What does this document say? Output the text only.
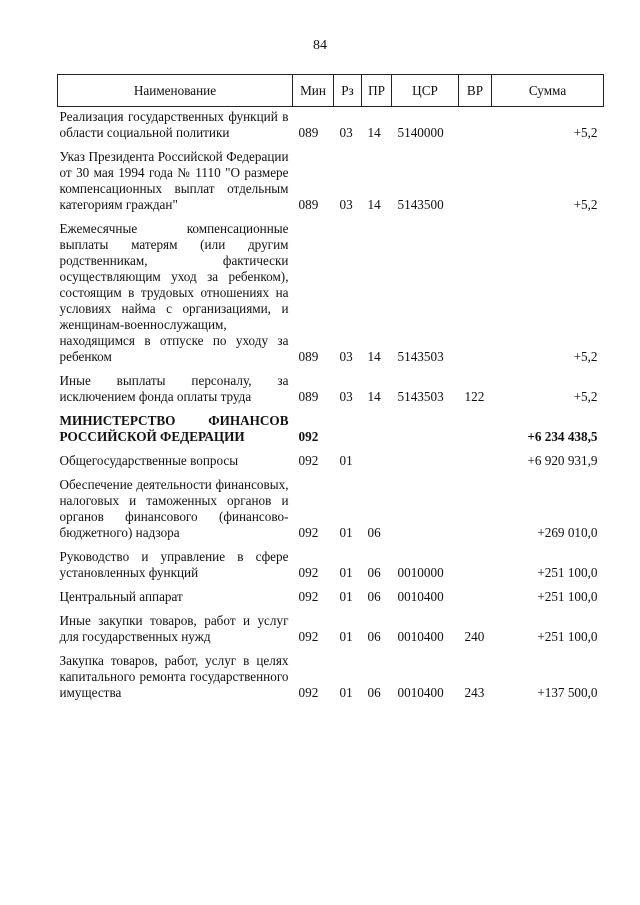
84
Наименование	Мин	Рз	ПР	ЦСР	ВР	Сумма
Реализация государственных функций в области социальной политики	089	03	14	5140000		+5,2

Указ Президента Российской Федерации от 30 мая 1994 года № 1110 "О размере компенсационных выплат отдельным категориям граждан"	089	03	14	5143500		+5,2

Ежемесячные компенсационные выплаты матерям (или другим родственникам, фактически осуществляющим уход за ребенком), состоящим в трудовых отношениях на условиях найма с организациями, и женщинам-военнослужащим, находящимся в отпуске по уходу за ребенком	089	03	14	5143503		+5,2

Иные выплаты персоналу, за исключением фонда оплаты труда	089	03	14	5143503	122	+5,2

МИНИСТЕРСТВО ФИНАНСОВ РОССИЙСКОЙ ФЕДЕРАЦИИ	092					+6 234 438,5

Общегосударственные вопросы	092	01				+6 920 931,9

Обеспечение деятельности финансовых, налоговых и таможенных органов и органов финансового (финансово-бюджетного) надзора	092	01	06			+269 010,0

Руководство и управление в сфере установленных функций	092	01	06	0010000		+251 100,0

Центральный аппарат	092	01	06	0010400		+251 100,0

Иные закупки товаров, работ и услуг для государственных нужд	092	01	06	0010400	240	+251 100,0

Закупка товаров, работ, услуг в целях капитального ремонта государственного имущества	092	01	06	0010400	243	+137 500,0
